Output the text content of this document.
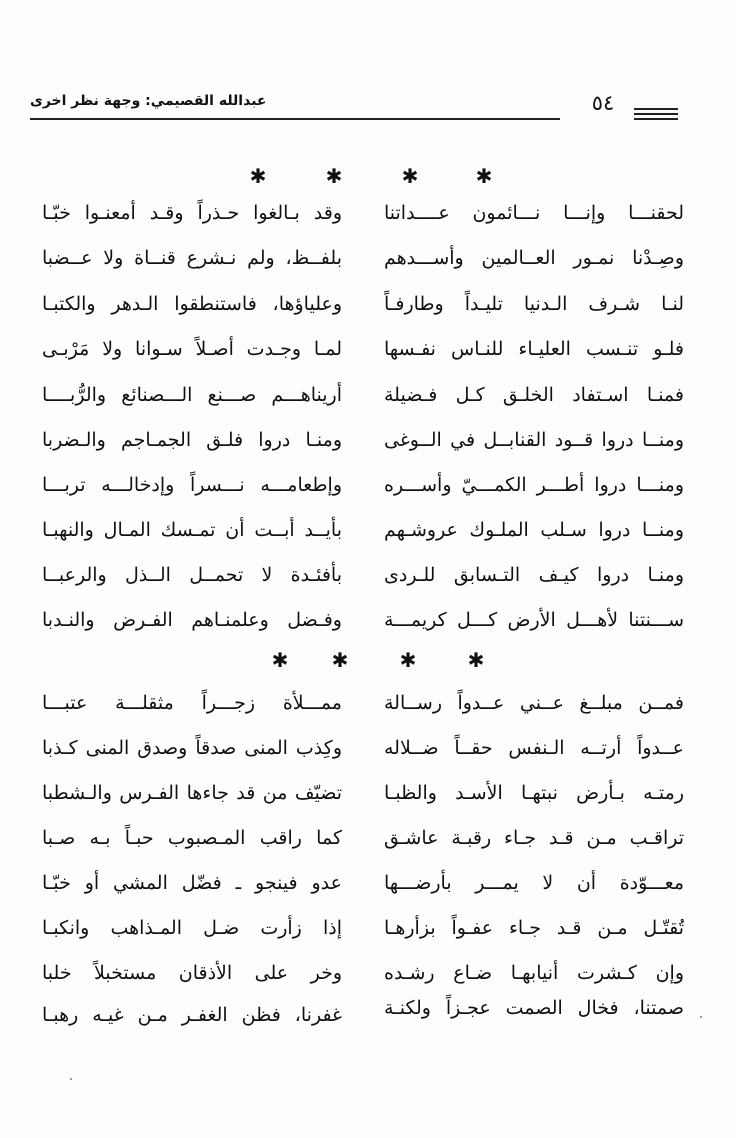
عبدالله القصيمي: وجهة نظر اخرى	٥٤
✱	✱
✱	✱
لحقنـــا وإنـــا نـــائمون عــــداتنا
وصِـدْنا نمـور العــالمين وأســـدهم
لنـا شـرف الـدنيا تليـداً وطارفـاً
فلـو تنـسب العليـاء للنـاس نفـسها
فمنـا اسـتفاد الخلـق كـل فـضيلة
ومنــا دروا قــود القنابــل في الــوغى
ومنـــا دروا أطـــر الكمـــيّ وأســـره
ومنــا دروا سـلب الملـوك عروشـهم
ومنـا دروا كيـف التـسابق للـردى
ســـنتنا لأهـــل الأرض كـــل كريمـــة
وقد بـالغوا حـذراً وقـد أمعنـوا خبّـا
بلفــظ، ولم نـشرع قنــاة ولا عــضبا
وعلياؤها، فاستنطقوا الـدهر والكتبـا
لمـا وجـدت أصـلاً سـوانا ولا مَرْبـى
أريناهـــم صـــنع الـــصنائع والرُّبــــا
ومنـا دروا فلـق الجمـاجم والـضربا
وإطعامـــه نـــسراً وإدخالـــه تربـــا
بأيــد أبــت أن تمـسك المـال والنهبـا
بأفئـدة لا تحمــل الــذل والرعبــا
وفـضل وعلمنـاهم الفـرض والنـدبا
✱	✱
✱ ✱
فمــن مبلــغ عــني عــدواً رســالة
عــدواً أرتــه الـنفس حقــاً ضــلاله
رمتـه بـأرض نبتهـا الأسـد والظبـا
تراقـب مـن قـد جـاء رقبـة عاشـق
معـــوّدة أن لا يمـــر بأرضـــها
تُقتّـل مـن قـد جـاء عفـواً بزأرهـا
وإن كـشرت أنيابهـا ضـاع رشـده
صمتنا، فخال الصمت عجـزاً ولكنـة
ممـــلأة زجـــراً مثقلـــة عتبـــا
وكِذب المنى صدقاً وصدق المنى كـذبا
تضيّف من قد جاءها الفـرس والـشطبا
كما راقب المـصبوب حبـاً بـه صـبا
عدو فينجو ـ فضّل المشي أو خبّـا
إذا زأرت ضـل المـذاهب وانكبـا
وخر على الأذقان مستخبلاً خلبا
غفرنا، فظن الغفـر مـن غيـه رهبـا
